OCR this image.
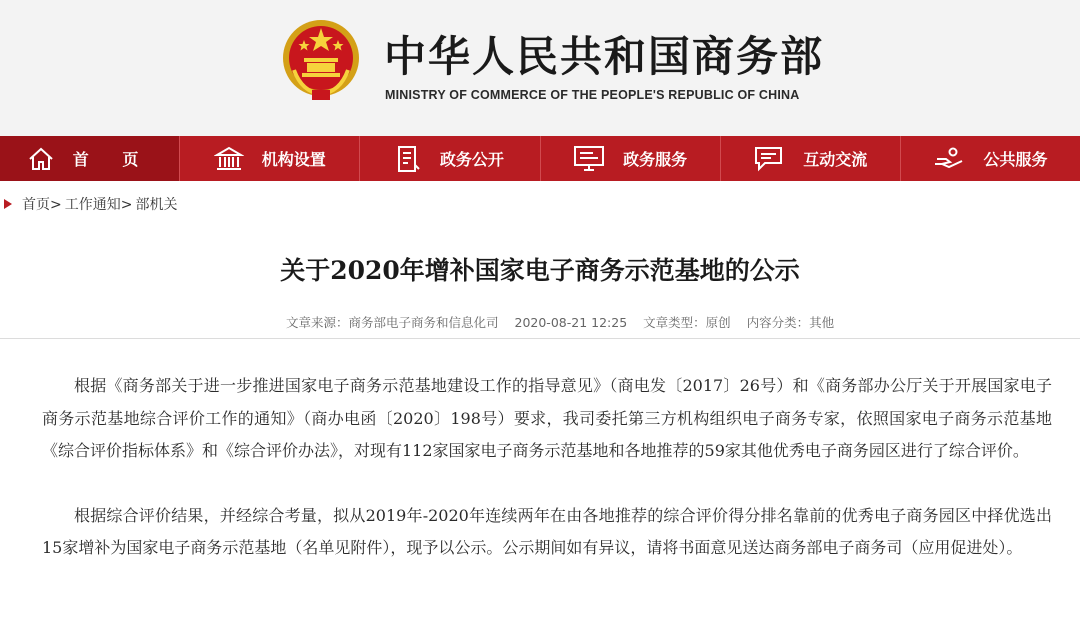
中华人民共和国商务部
MINISTRY OF COMMERCE OF THE PEOPLE'S REPUBLIC OF CHINA
首 页	机构设置	政务公开	政务服务	互动交流	公共服务
首页> 工作通知> 部机关
关于2020年增补国家电子商务示范基地的公示
文章来源：商务部电子商务和信息化司 2020-08-21 12:25 文章类型：原创 内容分类：其他

根据《商务部关于进一步推进国家电子商务示范基地建设工作的指导意见》（商电发〔2017〕26号）和《商务部办公厅关于开展国家电子商务示范基地综合评价工作的通知》（商办电函〔2020〕198号）要求，我司委托第三方机构组织电子商务专家，依照国家电子商务示范基地《综合评价指标体系》和《综合评价办法》，对现有112家国家电子商务示范基地和各地推荐的59家其他优秀电子商务园区进行了综合评价。

根据综合评价结果，并经综合考量，拟从2019年-2020年连续两年在由各地推荐的综合评价得分排名靠前的优秀电子商务园区中择优选出15家增补为国家电子商务示范基地（名单见附件），现予以公示。公示期间如有异议，请将书面意见送达商务部电子商务司（应用促进处）。
